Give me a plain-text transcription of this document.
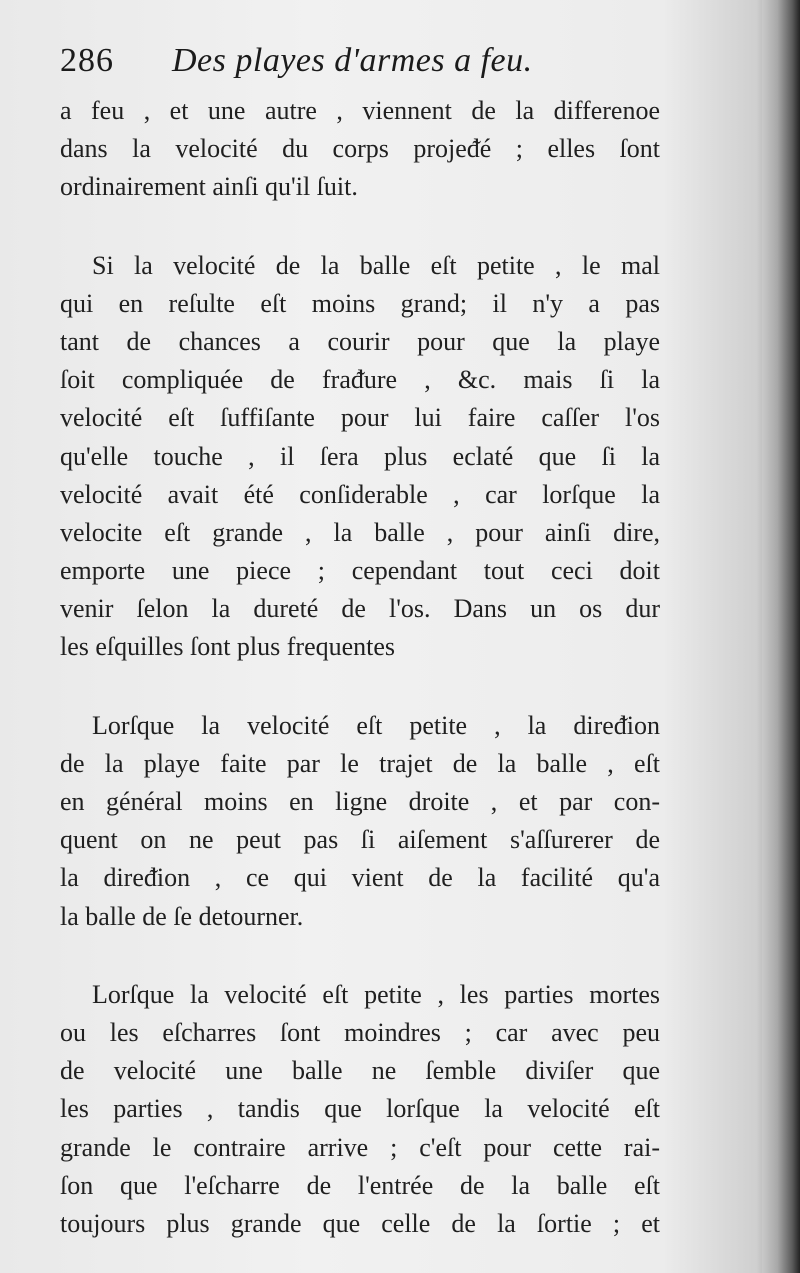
286 Des playes d'armes a feu.
a feu , et une autre , viennent de la differenoe
dans la velocité du corps projeᵭé ; elles ſont
ordinairement ainſi qu'il ſuit.
Si la velocité de la balle eſt petite , le mal
qui en reſulte eſt moins grand; il n'y a pas
tant de chances a courir pour que la playe
ſoit compliquée de fraᵭure , &c. mais ſi la
velocité eſt ſuffiſante pour lui faire caſſer l'os
qu'elle touche , il ſera plus eclaté que ſi la
velocité avait été conſiderable , car lorſque la
velocite eſt grande , la balle , pour ainſi dire,
emporte une piece ; cependant tout ceci doit
venir ſelon la dureté de l'os. Dans un os dur
les eſquilles ſont plus frequentes
Lorſque la velocité eſt petite , la direᵭion
de la playe faite par le trajet de la balle , eſt
en général moins en ligne droite , et par con-
quent on ne peut pas ſi aiſement s'aſſurerer de
la direᵭion , ce qui vient de la facilité qu'a
la balle de ſe detourner.
Lorſque la velocité eſt petite , les parties mortes
ou les eſcharres ſont moindres ; car avec peu
de velocité une balle ne ſemble diviſer que
les parties , tandis que lorſque la velocité eſt
grande le contraire arrive ; c'eſt pour cette rai-
ſon que l'eſcharre de l'entrée de la balle eſt
toujours plus grande que celle de la ſortie ; et
